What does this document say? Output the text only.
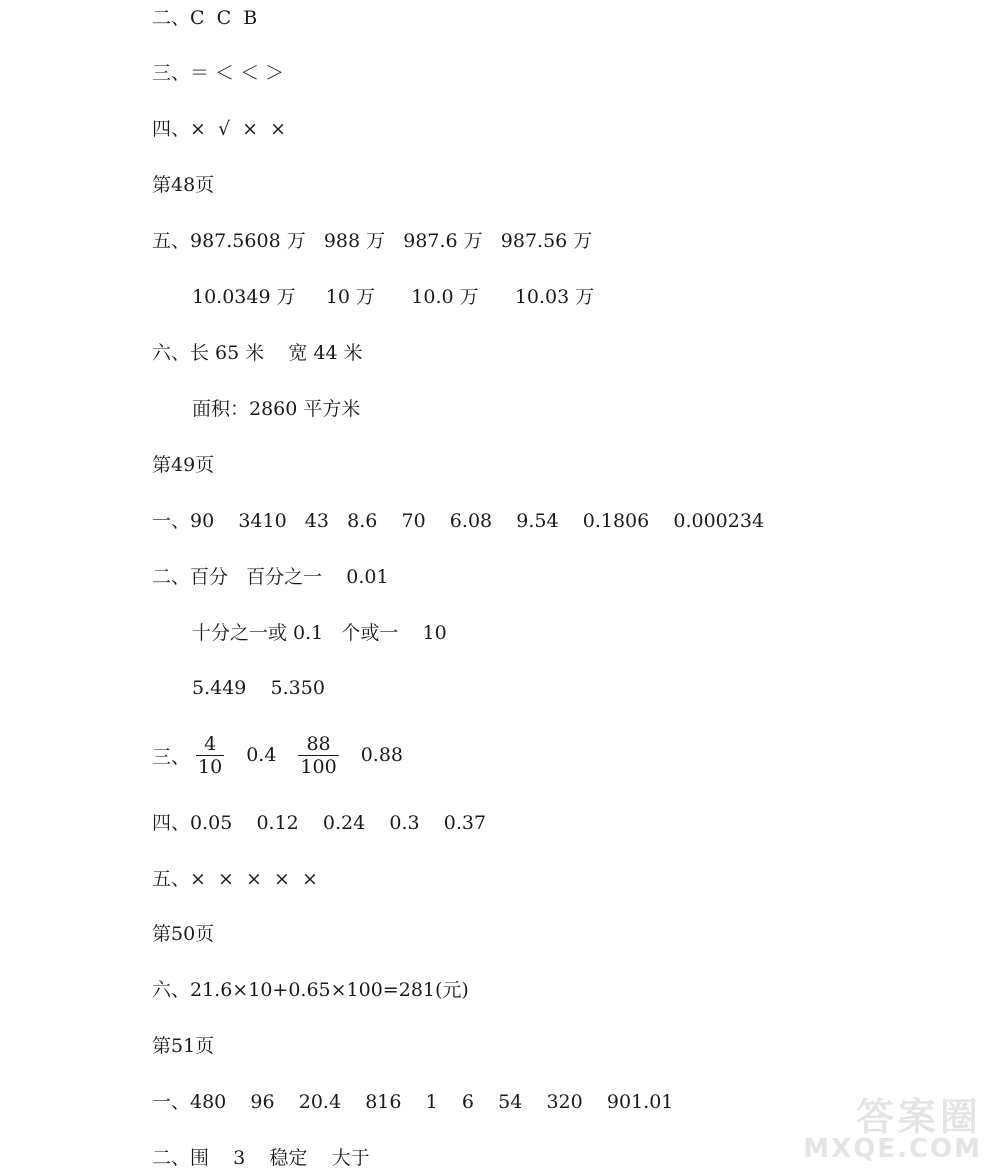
二、C  C  B
三、＝ ＜ ＜ ＞
四、×  √  ×  ×
第48页
五、987.5608 万   988 万   987.6 万   987.56 万
10.0349 万     10 万      10.0 万      10.03 万
六、长 65 米    宽 44 米
面积：2860 平方米
第49页
一、90    3410   43   8.6    70    6.08    9.54    0.1806    0.000234
二、百分   百分之一    0.01
十分之一或 0.1   个或一    10
5.449    5.350
三、 $\frac{4}{10} 0.4 \frac{88}{100} 0.88$
四、0.05    0.12    0.24    0.3    0.37
五、×  ×  ×  ×  ×
第50页
六、21.6×10+0.65×100=281(元)
第51页
一、480    96    20.4    816    1    6    54    320    901.01
二、围    3    稳定    大于
答案圈
MXQE.COM
